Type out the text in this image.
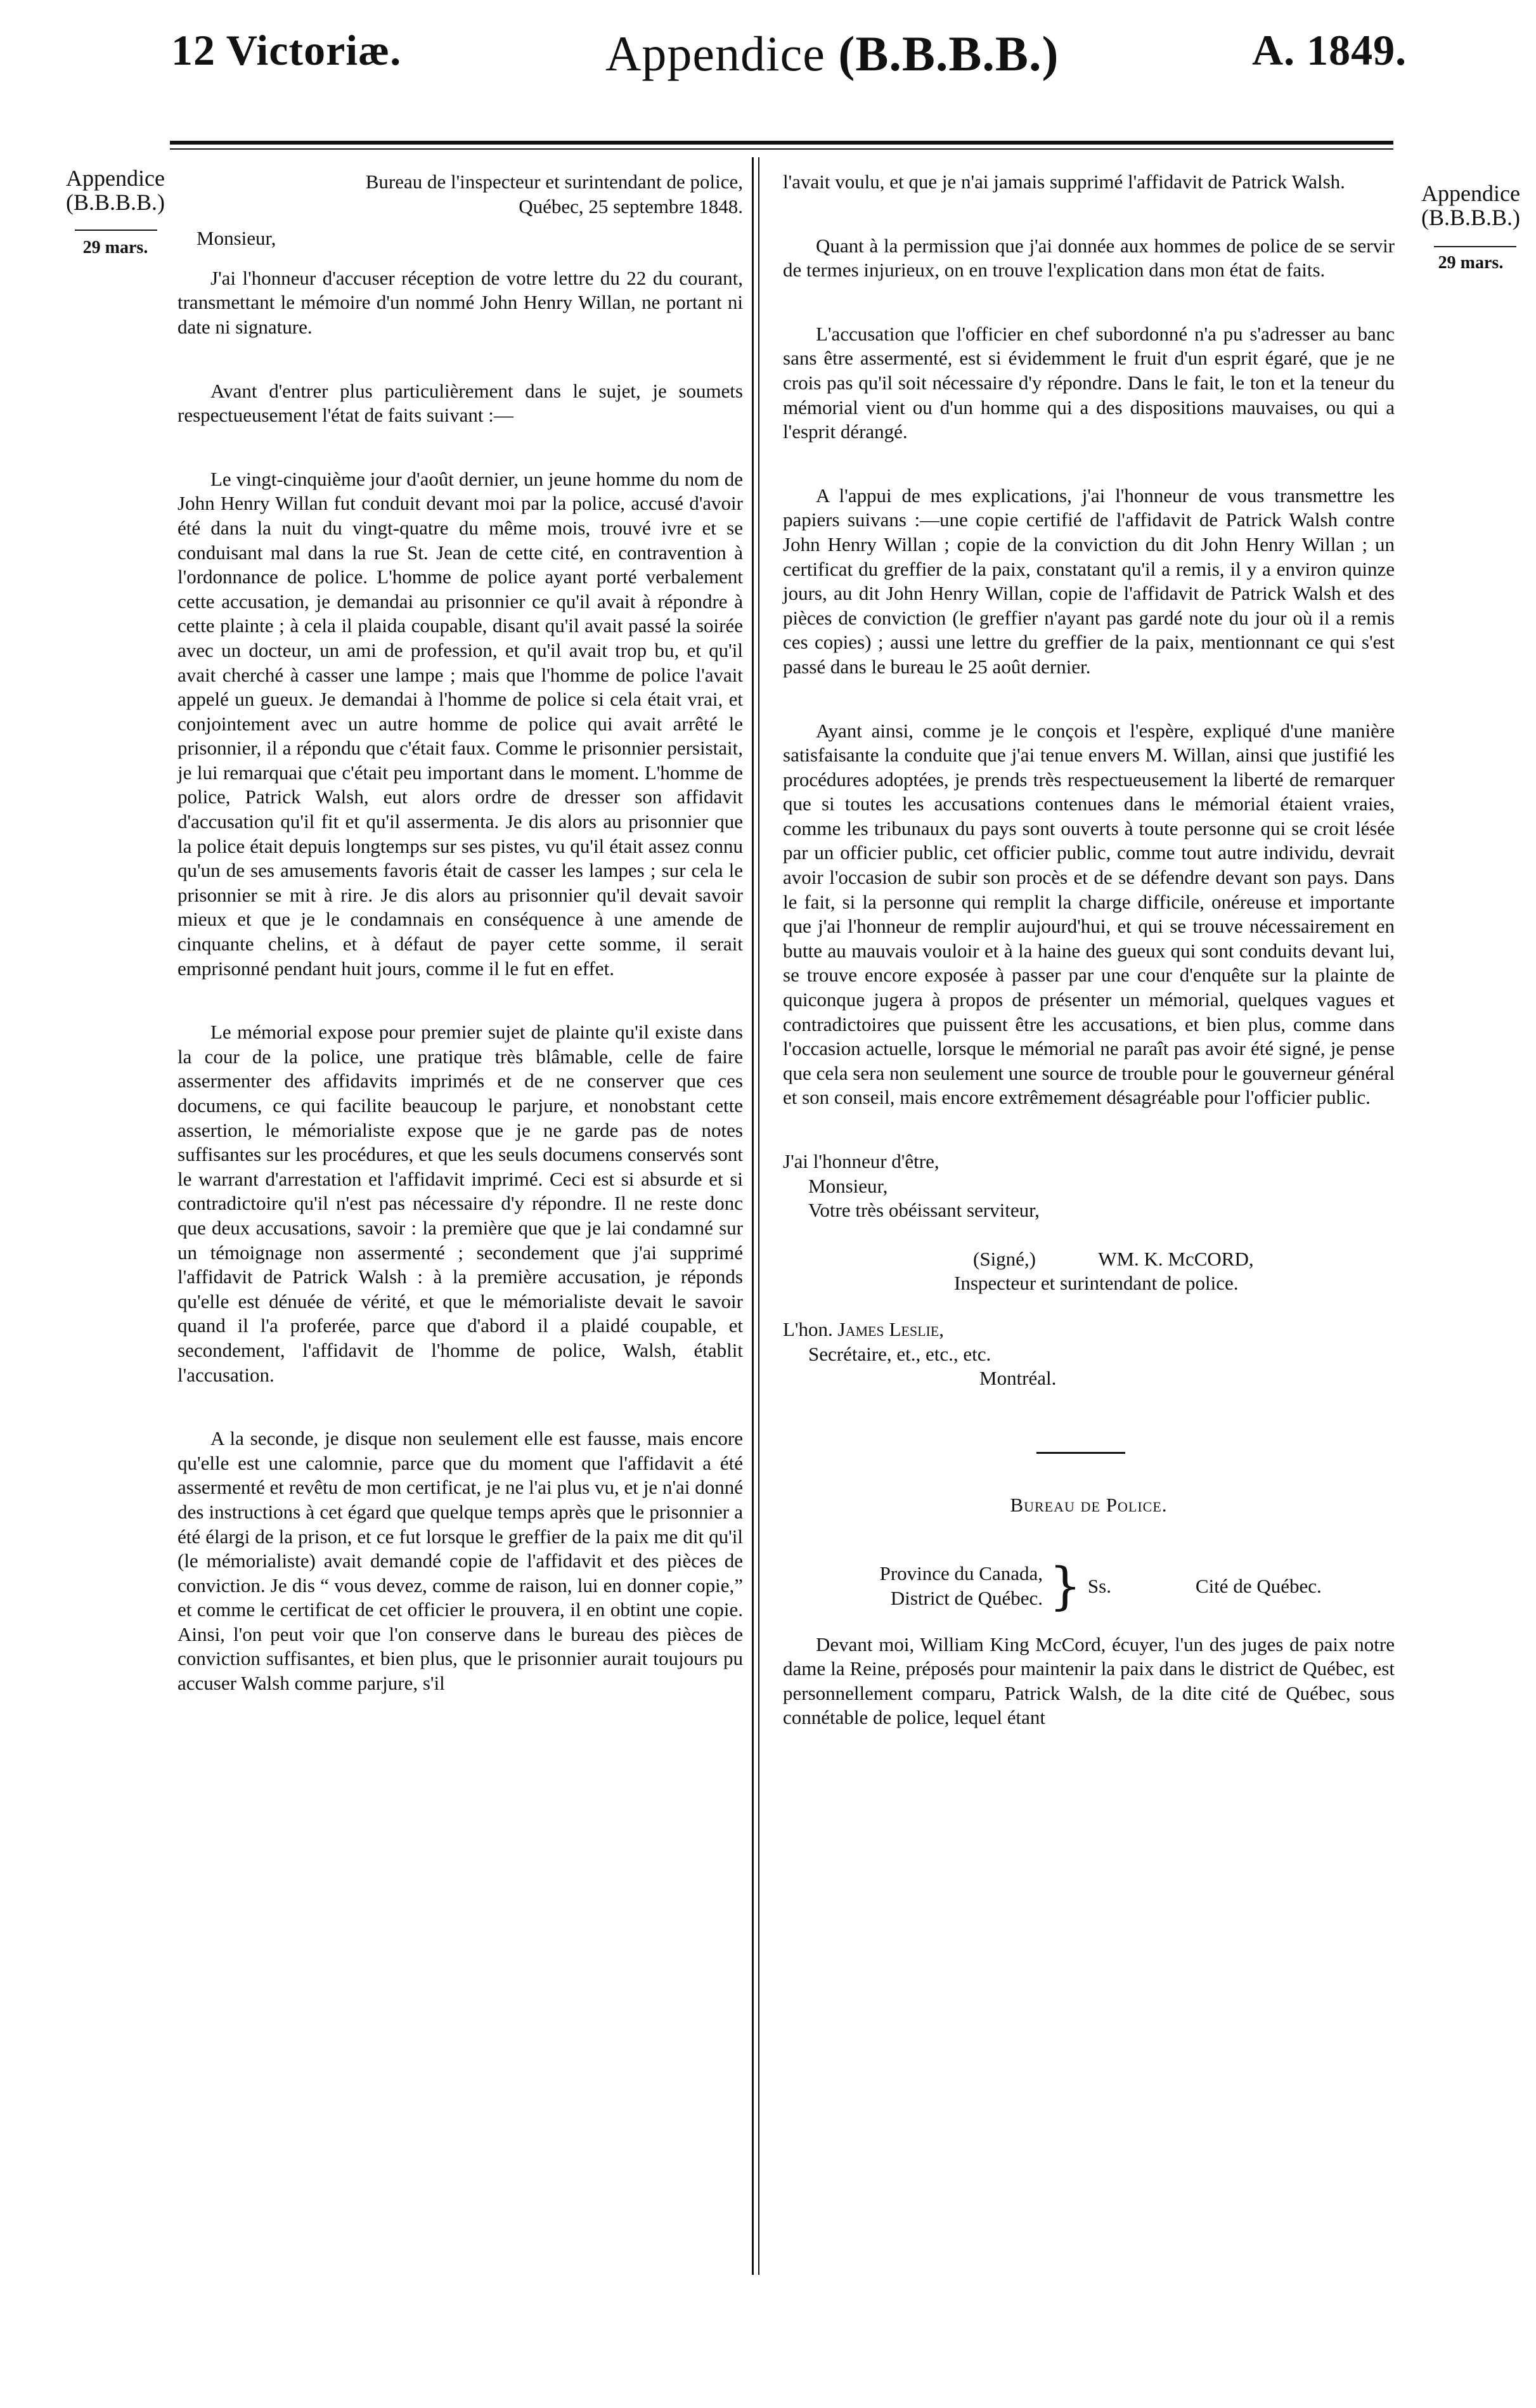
12 Victoriæ.	Appendice (B.B.B.B.)	A. 1849.
Appendice
(B.B.B.B.)
29 mars.
Appendice
(B.B.B.B.)
29 mars.

Bureau de l'inspecteur et surintendant de police,
Québec, 25 septembre 1848.

Monsieur,

J'ai l'honneur d'accuser réception de votre lettre du 22 du courant, transmettant le mémoire d'un nommé John Henry Willan, ne portant ni date ni signature.

Avant d'entrer plus particulièrement dans le sujet, je soumets respectueusement l'état de faits suivant :—

Le vingt-cinquième jour d'août dernier, un jeune homme du nom de John Henry Willan fut conduit devant moi par la police, accusé d'avoir été dans la nuit du vingt-quatre du même mois, trouvé ivre et se conduisant mal dans la rue St. Jean de cette cité, en contravention à l'ordonnance de police. L'homme de police ayant porté verbalement cette accusation, je demandai au prisonnier ce qu'il avait à répondre à cette plainte ; à cela il plaida coupable, disant qu'il avait passé la soirée avec un docteur, un ami de profession, et qu'il avait trop bu, et qu'il avait cherché à casser une lampe ; mais que l'homme de police l'avait appelé un gueux. Je demandai à l'homme de police si cela était vrai, et conjointement avec un autre homme de police qui avait arrêté le prisonnier, il a répondu que c'était faux. Comme le prisonnier persistait, je lui remarquai que c'était peu important dans le moment. L'homme de police, Patrick Walsh, eut alors ordre de dresser son affidavit d'accusation qu'il fit et qu'il assermenta. Je dis alors au prisonnier que la police était depuis longtemps sur ses pistes, vu qu'il était assez connu qu'un de ses amusements favoris était de casser les lampes ; sur cela le prisonnier se mit à rire. Je dis alors au prisonnier qu'il devait savoir mieux et que je le condamnais en conséquence à une amende de cinquante chelins, et à défaut de payer cette somme, il serait emprisonné pendant huit jours, comme il le fut en effet.

Le mémorial expose pour premier sujet de plainte qu'il existe dans la cour de la police, une pratique très blâmable, celle de faire assermenter des affidavits imprimés et de ne conserver que ces documens, ce qui facilite beaucoup le parjure, et nonobstant cette assertion, le mémorialiste expose que je ne garde pas de notes suffisantes sur les procédures, et que les seuls documens conservés sont le warrant d'arrestation et l'affidavit imprimé. Ceci est si absurde et si contradictoire qu'il n'est pas nécessaire d'y répondre. Il ne reste donc que deux accusations, savoir : la première que que je lai condamné sur un témoignage non assermenté ; secondement que j'ai supprimé l'affidavit de Patrick Walsh : à la première accusation, je réponds qu'elle est dénuée de vérité, et que le mémorialiste devait le savoir quand il l'a proferée, parce que d'abord il a plaidé coupable, et secondement, l'affidavit de l'homme de police, Walsh, établit l'accusation.

A la seconde, je disque non seulement elle est fausse, mais encore qu'elle est une calomnie, parce que du moment que l'affidavit a été assermenté et revêtu de mon certificat, je ne l'ai plus vu, et je n'ai donné des instructions à cet égard que quelque temps après que le prisonnier a été élargi de la prison, et ce fut lorsque le greffier de la paix me dit qu'il (le mémorialiste) avait demandé copie de l'affidavit et des pièces de conviction. Je dis “ vous devez, comme de raison, lui en donner copie,” et comme le certificat de cet officier le prouvera, il en obtint une copie. Ainsi, l'on peut voir que l'on conserve dans le bureau des pièces de conviction suffisantes, et bien plus, que le prisonnier aurait toujours pu accuser Walsh comme parjure, s'il

l'avait voulu, et que je n'ai jamais supprimé l'affidavit de Patrick Walsh.

Quant à la permission que j'ai donnée aux hommes de police de se servir de termes injurieux, on en trouve l'explication dans mon état de faits.

L'accusation que l'officier en chef subordonné n'a pu s'adresser au banc sans être assermenté, est si évidemment le fruit d'un esprit égaré, que je ne crois pas qu'il soit nécessaire d'y répondre. Dans le fait, le ton et la teneur du mémorial vient ou d'un homme qui a des dispositions mauvaises, ou qui a l'esprit dérangé.

A l'appui de mes explications, j'ai l'honneur de vous transmettre les papiers suivans :—une copie certifié de l'affidavit de Patrick Walsh contre John Henry Willan ; copie de la conviction du dit John Henry Willan ; un certificat du greffier de la paix, constatant qu'il a remis, il y a environ quinze jours, au dit John Henry Willan, copie de l'affidavit de Patrick Walsh et des pièces de conviction (le greffier n'ayant pas gardé note du jour où il a remis ces copies) ; aussi une lettre du greffier de la paix, mentionnant ce qui s'est passé dans le bureau le 25 août dernier.

Ayant ainsi, comme je le conçois et l'espère, expliqué d'une manière satisfaisante la conduite que j'ai tenue envers M. Willan, ainsi que justifié les procédures adoptées, je prends très respectueusement la liberté de remarquer que si toutes les accusations contenues dans le mémorial étaient vraies, comme les tribunaux du pays sont ouverts à toute personne qui se croit lésée par un officier public, cet officier public, comme tout autre individu, devrait avoir l'occasion de subir son procès et de se défendre devant son pays. Dans le fait, si la personne qui remplit la charge difficile, onéreuse et importante que j'ai l'honneur de remplir aujourd'hui, et qui se trouve nécessairement en butte au mauvais vouloir et à la haine des gueux qui sont conduits devant lui, se trouve encore exposée à passer par une cour d'enquête sur la plainte de quiconque jugera à propos de présenter un mémorial, quelques vagues et contradictoires que puissent être les accusations, et bien plus, comme dans l'occasion actuelle, lorsque le mémorial ne paraît pas avoir été signé, je pense que cela sera non seulement une source de trouble pour le gouverneur général et son conseil, mais encore extrêmement désagréable pour l'officier public.

J'ai l'honneur d'être,
Monsieur,
Votre très obéissant serviteur,

(Signé,)	WM. K. McCORD,
Inspecteur et surintendant de police.
L'hon. James Leslie,
Secrétaire, et., etc., etc.
Montréal.
Bureau de Police.
Province du Canada,
District de Québec. } Ss.	Cité de Québec.

Devant moi, William King McCord, écuyer, l'un des juges de paix notre dame la Reine, préposés pour maintenir la paix dans le district de Québec, est personnellement comparu, Patrick Walsh, de la dite cité de Québec, sous connétable de police, lequel étant
